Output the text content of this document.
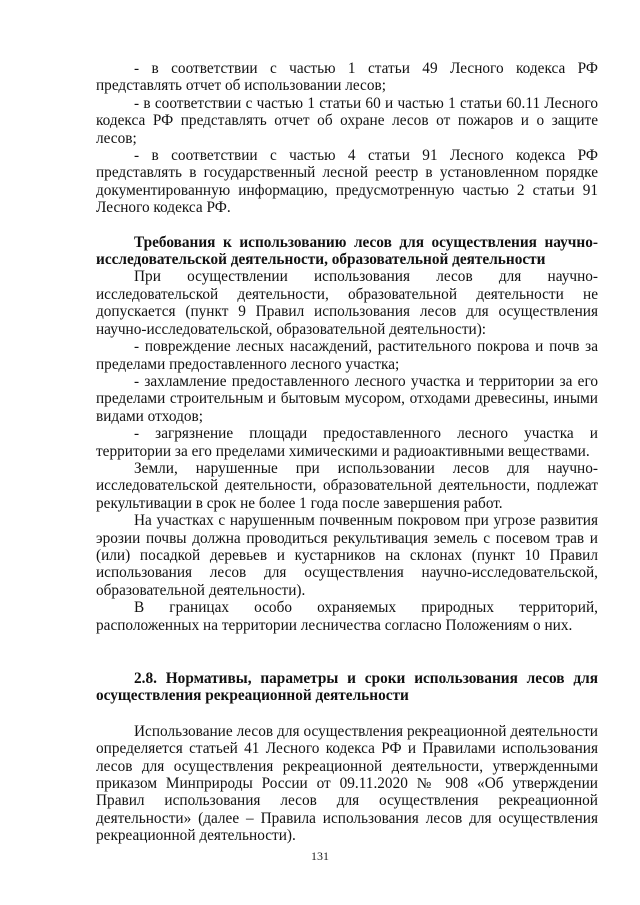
- в соответствии с частью 1 статьи 49 Лесного кодекса РФ представлять отчет об использовании лесов;

- в соответствии с частью 1 статьи 60 и частью 1 статьи 60.11 Лесного кодекса РФ представлять отчет об охране лесов от пожаров и о защите лесов;

- в соответствии с частью 4 статьи 91 Лесного кодекса РФ представлять в государственный лесной реестр в установленном порядке документированную информацию, предусмотренную частью 2 статьи 91 Лесного кодекса РФ.

Требования к использованию лесов для осуществления научно-исследовательской деятельности, образовательной деятельности

При осуществлении использования лесов для научно-исследовательской деятельности, образовательной деятельности не допускается (пункт 9 Правил использования лесов для осуществления научно-исследовательской, образовательной деятельности):

- повреждение лесных насаждений, растительного покрова и почв за пределами предоставленного лесного участка;

- захламление предоставленного лесного участка и территории за его пределами строительным и бытовым мусором, отходами древесины, иными видами отходов;

- загрязнение площади предоставленного лесного участка и территории за его пределами химическими и радиоактивными веществами.

Земли, нарушенные при использовании лесов для научно-исследовательской деятельности, образовательной деятельности, подлежат рекультивации в срок не более 1 года после завершения работ.

На участках с нарушенным почвенным покровом при угрозе развития эрозии почвы должна проводиться рекультивация земель с посевом трав и (или) посадкой деревьев и кустарников на склонах (пункт 10 Правил использования лесов для осуществления научно-исследовательской, образовательной деятельности).

В границах особо охраняемых природных территорий, расположенных на территории лесничества согласно Положениям о них.

2.8. Нормативы, параметры и сроки использования лесов для осуществления рекреационной деятельности

Использование лесов для осуществления рекреационной деятельности определяется статьей 41 Лесного кодекса РФ и Правилами использования лесов для осуществления рекреационной деятельности, утвержденными приказом Минприроды России от 09.11.2020 № 908 «Об утверждении Правил использования лесов для осуществления рекреационной деятельности» (далее – Правила использования лесов для осуществления рекреационной деятельности).

131
